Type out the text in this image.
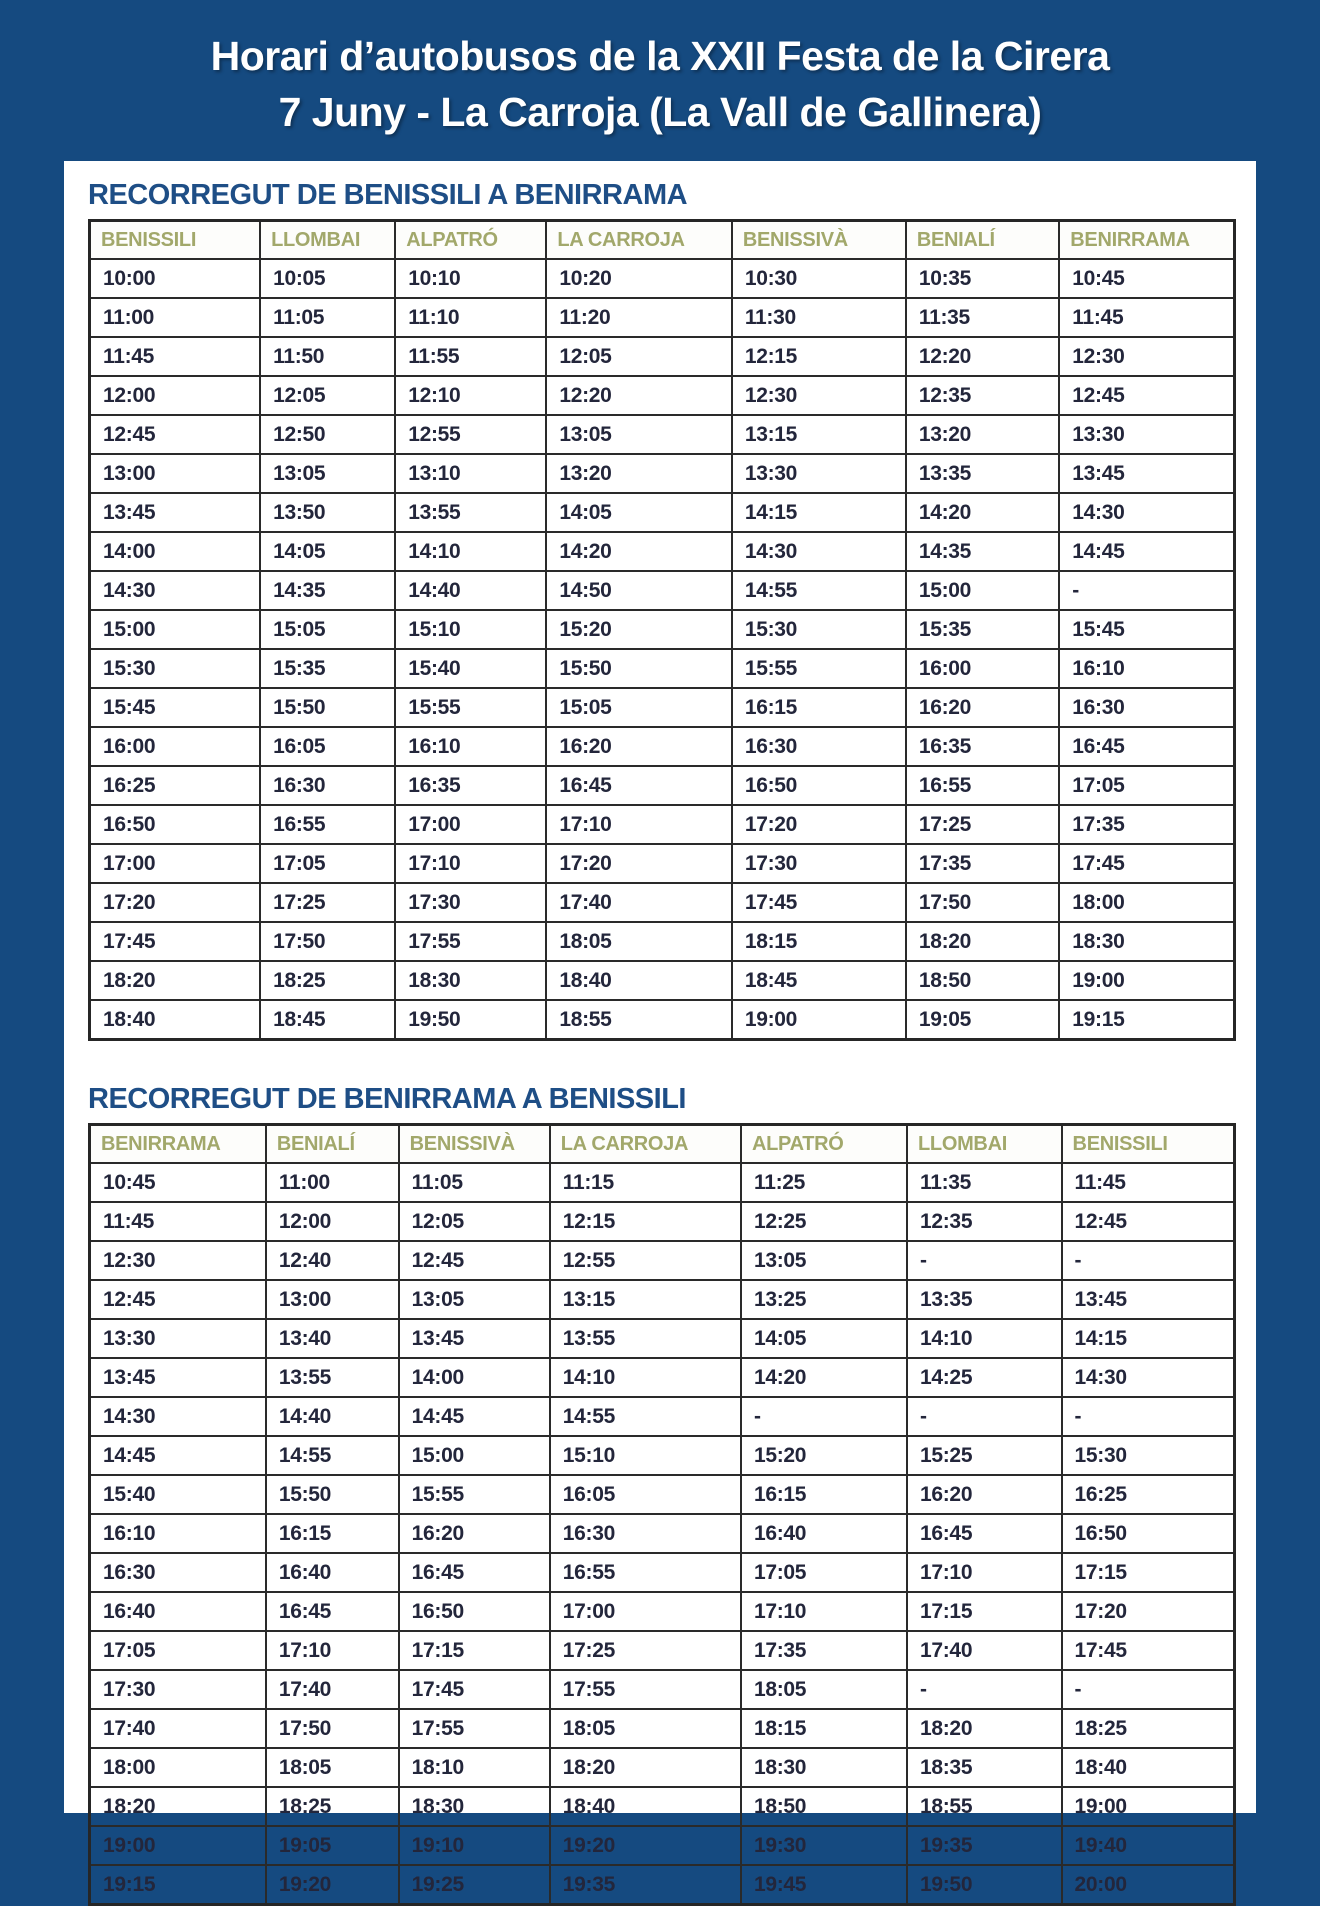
Horari d’autobusos de la XXII Festa de la Cirera
7 Juny - La Carroja (La Vall de Gallinera)
RECORREGUT DE BENISSILI A BENIRRAMA
BENISSILI	LLOMBAI	ALPATRÓ	LA CARROJA	BENISSIVÀ	BENIALÍ	BENIRRAMA
10:00	10:05	10:10	10:20	10:30	10:35	10:45
11:00	11:05	11:10	11:20	11:30	11:35	11:45
11:45	11:50	11:55	12:05	12:15	12:20	12:30
12:00	12:05	12:10	12:20	12:30	12:35	12:45
12:45	12:50	12:55	13:05	13:15	13:20	13:30
13:00	13:05	13:10	13:20	13:30	13:35	13:45
13:45	13:50	13:55	14:05	14:15	14:20	14:30
14:00	14:05	14:10	14:20	14:30	14:35	14:45
14:30	14:35	14:40	14:50	14:55	15:00	-
15:00	15:05	15:10	15:20	15:30	15:35	15:45
15:30	15:35	15:40	15:50	15:55	16:00	16:10
15:45	15:50	15:55	15:05	16:15	16:20	16:30
16:00	16:05	16:10	16:20	16:30	16:35	16:45
16:25	16:30	16:35	16:45	16:50	16:55	17:05
16:50	16:55	17:00	17:10	17:20	17:25	17:35
17:00	17:05	17:10	17:20	17:30	17:35	17:45
17:20	17:25	17:30	17:40	17:45	17:50	18:00
17:45	17:50	17:55	18:05	18:15	18:20	18:30
18:20	18:25	18:30	18:40	18:45	18:50	19:00
18:40	18:45	19:50	18:55	19:00	19:05	19:15
RECORREGUT DE BENIRRAMA A BENISSILI
BENIRRAMA	BENIALÍ	BENISSIVÀ	LA CARROJA	ALPATRÓ	LLOMBAI	BENISSILI
10:45	11:00	11:05	11:15	11:25	11:35	11:45
11:45	12:00	12:05	12:15	12:25	12:35	12:45
12:30	12:40	12:45	12:55	13:05	-	-
12:45	13:00	13:05	13:15	13:25	13:35	13:45
13:30	13:40	13:45	13:55	14:05	14:10	14:15
13:45	13:55	14:00	14:10	14:20	14:25	14:30
14:30	14:40	14:45	14:55	-	-	-
14:45	14:55	15:00	15:10	15:20	15:25	15:30
15:40	15:50	15:55	16:05	16:15	16:20	16:25
16:10	16:15	16:20	16:30	16:40	16:45	16:50
16:30	16:40	16:45	16:55	17:05	17:10	17:15
16:40	16:45	16:50	17:00	17:10	17:15	17:20
17:05	17:10	17:15	17:25	17:35	17:40	17:45
17:30	17:40	17:45	17:55	18:05	-	-
17:40	17:50	17:55	18:05	18:15	18:20	18:25
18:00	18:05	18:10	18:20	18:30	18:35	18:40
18:20	18:25	18:30	18:40	18:50	18:55	19:00
19:00	19:05	19:10	19:20	19:30	19:35	19:40
19:15	19:20	19:25	19:35	19:45	19:50	20:00
